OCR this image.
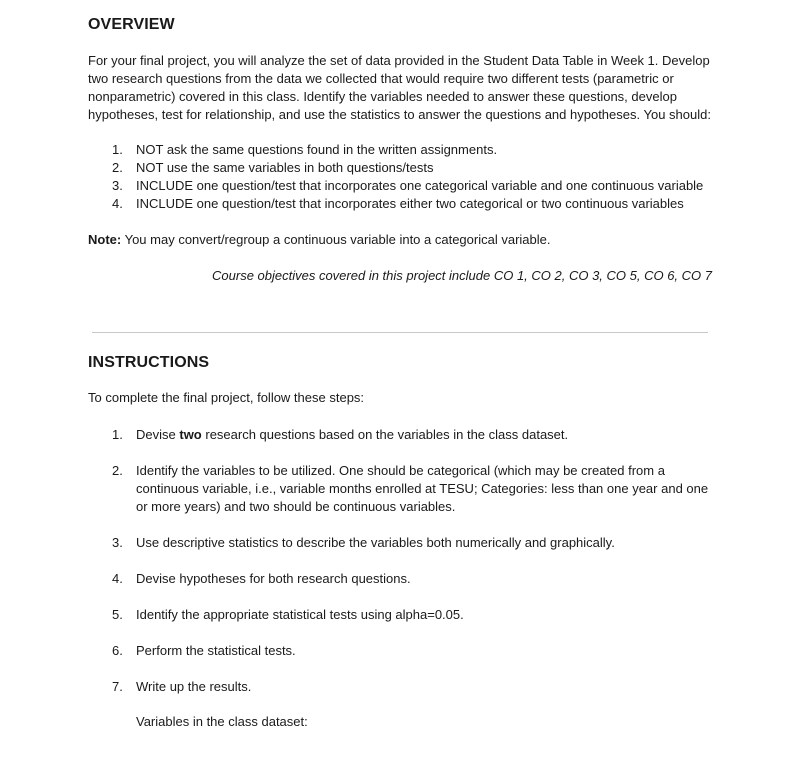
OVERVIEW
For your final project, you will analyze the set of data provided in the Student Data Table in Week 1. Develop
two research questions from the data we collected that would require two different tests (parametric or
nonparametric) covered in this class. Identify the variables needed to answer these questions, develop
hypotheses, test for relationship, and use the statistics to answer the questions and hypotheses. You should:
1. NOT ask the same questions found in the written assignments.
2. NOT use the same variables in both questions/tests
3. INCLUDE one question/test that incorporates one categorical variable and one continuous variable
4. INCLUDE one question/test that incorporates either two categorical or two continuous variables

Note: You may convert/regroup a continuous variable into a categorical variable.

Course objectives covered in this project include CO 1, CO 2, CO 3, CO 5, CO 6, CO 7

INSTRUCTIONS

To complete the final project, follow these steps:

1. Devise two research questions based on the variables in the class dataset.
2. Identify the variables to be utilized. One should be categorical (which may be created from a
continuous variable, i.e., variable months enrolled at TESU; Categories: less than one year and one
or more years) and two should be continuous variables.
3. Use descriptive statistics to describe the variables both numerically and graphically.
4. Devise hypotheses for both research questions.
5. Identify the appropriate statistical tests using alpha=0.05.
6. Perform the statistical tests.
7. Write up the results.

Variables in the class dataset:
